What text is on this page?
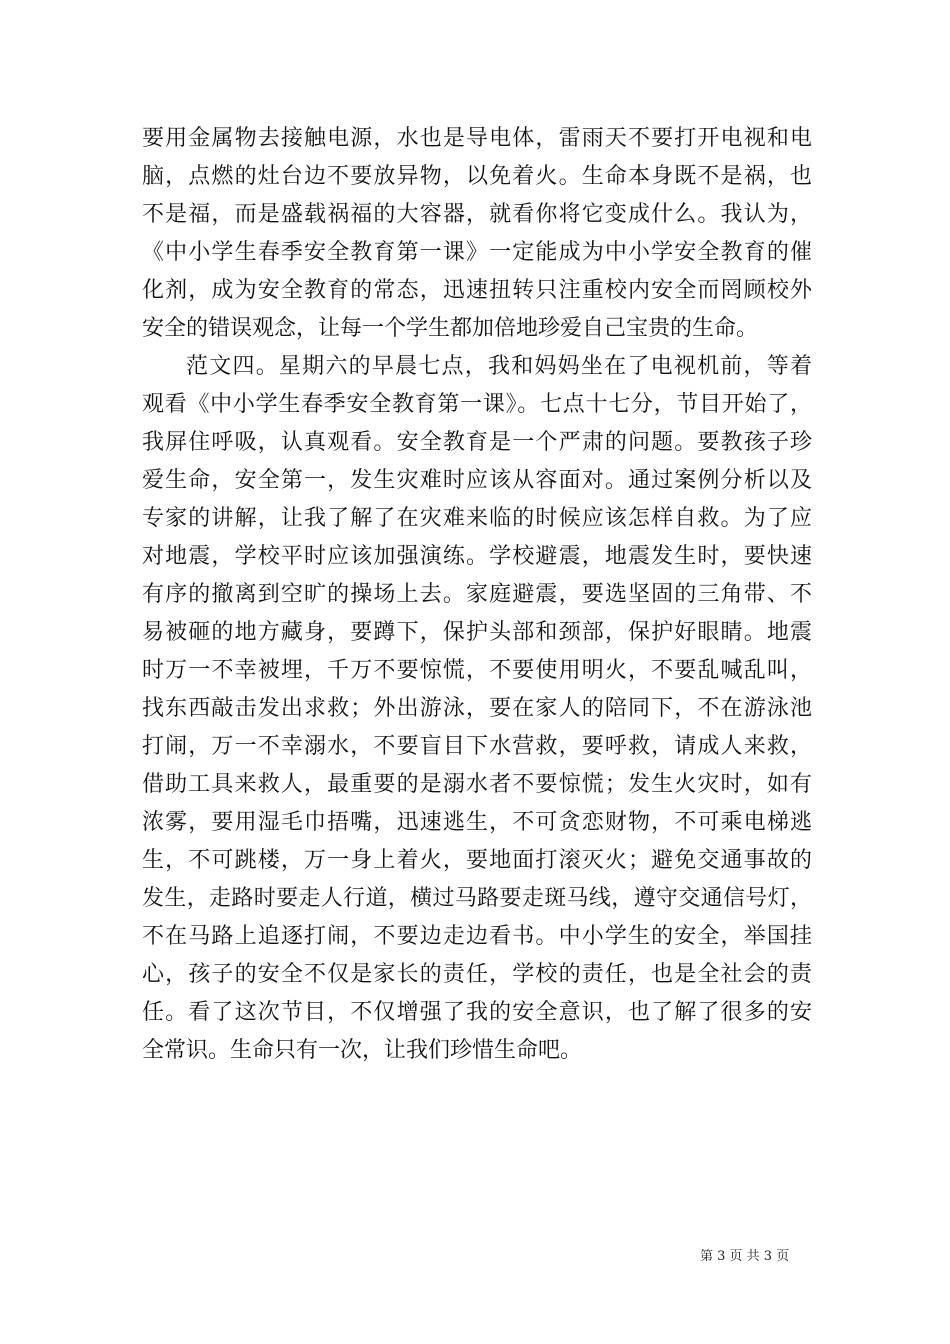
要用金属物去接触电源，水也是导电体，雷雨天不要打开电视和电
脑，点燃的灶台边不要放异物，以免着火。生命本身既不是祸，也
不是福，而是盛载祸福的大容器，就看你将它变成什么。我认为，
《中小学生春季安全教育第一课》一定能成为中小学安全教育的催
化剂，成为安全教育的常态，迅速扭转只注重校内安全而罔顾校外
安全的错误观念，让每一个学生都加倍地珍爱自己宝贵的生命。
范文四。星期六的早晨七点，我和妈妈坐在了电视机前，等着
观看《中小学生春季安全教育第一课》。七点十七分，节目开始了，
我屏住呼吸，认真观看。安全教育是一个严肃的问题。要教孩子珍
爱生命，安全第一，发生灾难时应该从容面对。通过案例分析以及
专家的讲解，让我了解了在灾难来临的时候应该怎样自救。为了应
对地震，学校平时应该加强演练。学校避震，地震发生时，要快速
有序的撤离到空旷的操场上去。家庭避震，要选坚固的三角带、不
易被砸的地方藏身，要蹲下，保护头部和颈部，保护好眼睛。地震
时万一不幸被埋，千万不要惊慌，不要使用明火，不要乱喊乱叫，
找东西敲击发出求救；外出游泳，要在家人的陪同下，不在游泳池
打闹，万一不幸溺水，不要盲目下水营救，要呼救，请成人来救，
借助工具来救人，最重要的是溺水者不要惊慌；发生火灾时，如有
浓雾，要用湿毛巾捂嘴，迅速逃生，不可贪恋财物，不可乘电梯逃
生，不可跳楼，万一身上着火，要地面打滚灭火；避免交通事故的
发生，走路时要走人行道，横过马路要走斑马线，遵守交通信号灯，
不在马路上追逐打闹，不要边走边看书。中小学生的安全，举国挂
心，孩子的安全不仅是家长的责任，学校的责任，也是全社会的责
任。看了这次节目，不仅增强了我的安全意识，也了解了很多的安
全常识。生命只有一次，让我们珍惜生命吧。
第 3 页 共 3 页
